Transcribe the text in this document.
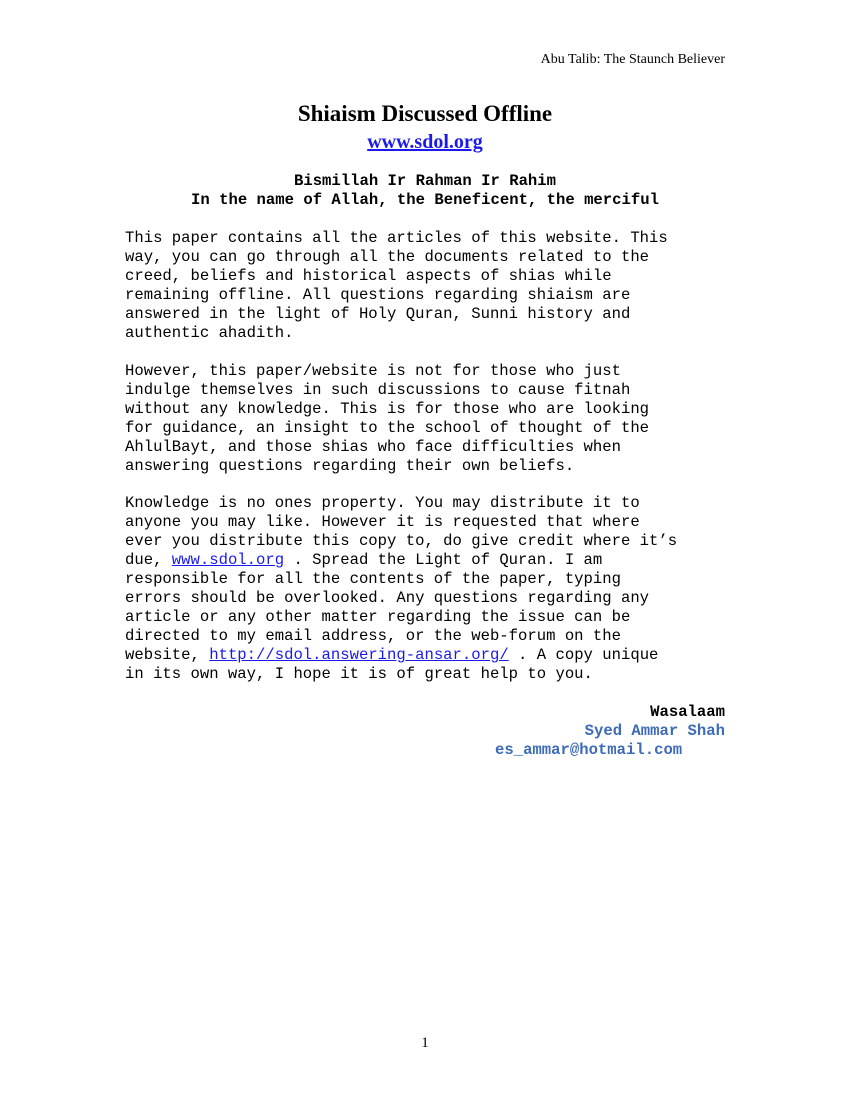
Abu Talib: The Staunch Believer
Shiaism Discussed Offline
www.sdol.org
Bismillah Ir Rahman Ir Rahim
In the name of Allah, the Beneficent, the merciful
This paper contains all the articles of this website. This
way, you can go through all the documents related to the
creed, beliefs and historical aspects of shias while
remaining offline. All questions regarding shiaism are
answered in the light of Holy Quran, Sunni history and
authentic ahadith.
However, this paper/website is not for those who just
indulge themselves in such discussions to cause fitnah
without any knowledge. This is for those who are looking
for guidance, an insight to the school of thought of the
AhlulBayt, and those shias who face difficulties when
answering questions regarding their own beliefs.
Knowledge is no ones property. You may distribute it to
anyone you may like. However it is requested that where
ever you distribute this copy to, do give credit where it’s
due, www.sdol.org . Spread the Light of Quran. I am
responsible for all the contents of the paper, typing
errors should be overlooked. Any questions regarding any
article or any other matter regarding the issue can be
directed to my email address, or the web-forum on the
website, http://sdol.answering-ansar.org/ . A copy unique
in its own way, I hope it is of great help to you.
Wasalaam
Syed Ammar Shah
es_ammar@hotmail.com
1
